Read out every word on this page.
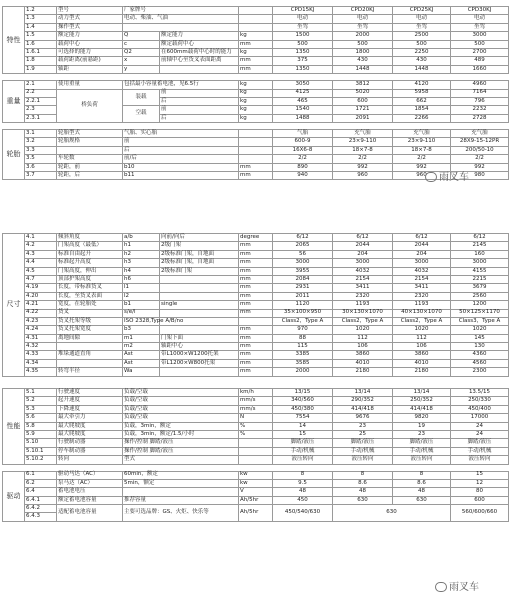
特性	1.2	型号	厂家牌号			CPD15KJ	CPD20KJ	CPD25KJ	CPD30KJ
	1.3	动力型式	电动、柴油、气油			电动	电动	电动	电动
	1.4	操作型式				坐驾	坐驾	坐驾	坐驾
	1.5	额定能力	Q	额定能力	kg	1500	2000	2500	3000
	1.6	载荷中心	c	额定载荷中心	mm	500	500	500	500
	1.6.1	可选择的能力	Q2	在600mm载荷中心时的能力	kg	1350	1800	2250	2700
	1.8	载荷距离(前悬距)	x	前轴中心至货叉表面距离	mm	375	430	430	489
	1.9	轴距	y		mm	1350	1448	1448	1660

重量	2.1	使用重量	包括最小容量蓄电池，见6.5行		kg	3050	3812	4120	4960
	2.2	桥负荷	装载	前	kg	4125	5020	5958	7164
	2.2.1			后	kg	465	600	662	796
	2.3		空载	前	kg	1540	1721	1854	2232
	2.3.1			后	kg	1488	2091	2266	2728

轮胎	3.1	轮胎型式	气胎、实心胎			气胎	充气胎	充气胎	充气胎
	3.2	轮胎规格	前			600-9	23×9-110	23×9-110	28X9-15-12PR
	3.3		后			16X6-8	18×7-8	18×7-8	200/50-10
	3.5	车轮数	前/后			2/2	2/2	2/2	2/2
	3.6	轮距，前	b10		mm	890	992	992	992
	3.7	轮距，后	b11		mm	940	960	960	980
雨叉车
尺寸	4.1	倾斜角度	a/b	向前/向后	degree	6/12	6/12	6/12	6/12
	4.2	门架高度（最低）	h1	2级门架	mm	2065	2044	2044	2145
	4.3	标准自由起升	h2	2级标准门架，自地面	mm	56	204	204	160
	4.4	标准起升高度	h3	2级标准门架，自地面	mm	3000	3000	3000	3000
	4.5	门架高度，伸出	h4	2级标准门架	mm	3955	4032	4032	4155
	4.7	顶部护架高度	h6		mm	2084	2154	2154	2215
	4.19	长度，带标准货叉	l1		mm	2931	3411	3411	3679
	4.20	长度，至货叉表面	l2		mm	2011	2320	2320	2560
	4.21	宽度，在轮胎处	b1	single	mm	1120	1193	1193	1200
	4.22	货叉	s/e/l		mm	35×100×950	30×130×1070	40×130×1070	50×125×1170
	4.23	货叉托架等级	ISO 2328,Type A/B/no			Class2，Type A	Class2，Type A	Class2，Type A	Class3，Type A
	4.24	货叉托架宽度	b3		mm	970	1020	1020	1020
	4.31	离地间隙	m1	门架下面	mm	88	112	112	145
	4.32		m2	轴距中心	mm	115	106	106	130
	4.33	堆垛通道直角	Ast	带L1000×W1200托架	mm	3385	3860	3860	4360
	4.34		Ast	带L1200×W800托架	mm	3585	4010	4010	4560
	4.35	转弯半径	Wa		mm	2000	2180	2180	2300
性能	5.1	行驶速度	负载/空载	km/h	13/15	13/14	13/14	13.5/15
	5.2	起升速度	负载/空载	mm/s	340/560	290/352	250/352	250/330
	5.3	下降速度	负载/空载	mm/s	450/380	414/418	414/418	450/400
	5.6	最大牵引力	负载/空载	N	7554	9676	9820	17000
	5.8	最大爬坡度	负载，3min，额定	%	14	23	19	24
	5.9	最大爬坡度	负载，3min，额定/1.5/小时	%	15	25	23	24
	5.10	行驶制动器	操作/控制 脚踏/液压		脚踏/液压	脚踏/液压	脚踏/液压	脚踏/液压
	5.10.1	停车制动器	操作/控制 脚踏/液压		手动/机械	手动/机械	手动/机械	手动/机械
	5.10.2	转向	型式		液压转向	液压转向	液压转向	液压转向

驱动	6.1	驱动马达（AC）	60min，额定	kw	8	8	8	15
	6.2	泵马达（AC）	5min，额定	kw	9.5	8.6	8.6	12
	6.4	蓄电池电压		V	48	48	48	80
	6.4.1	额定蓄电池容量	推荐容量	Ah/5hr	450	630	630	600
	6.4.2	适配蓄电池容量	主要可选品牌：GS、火炬、快乐等	Ah/5hr	450/540/630	630		560/600/660
	6.4.3							
雨叉车
